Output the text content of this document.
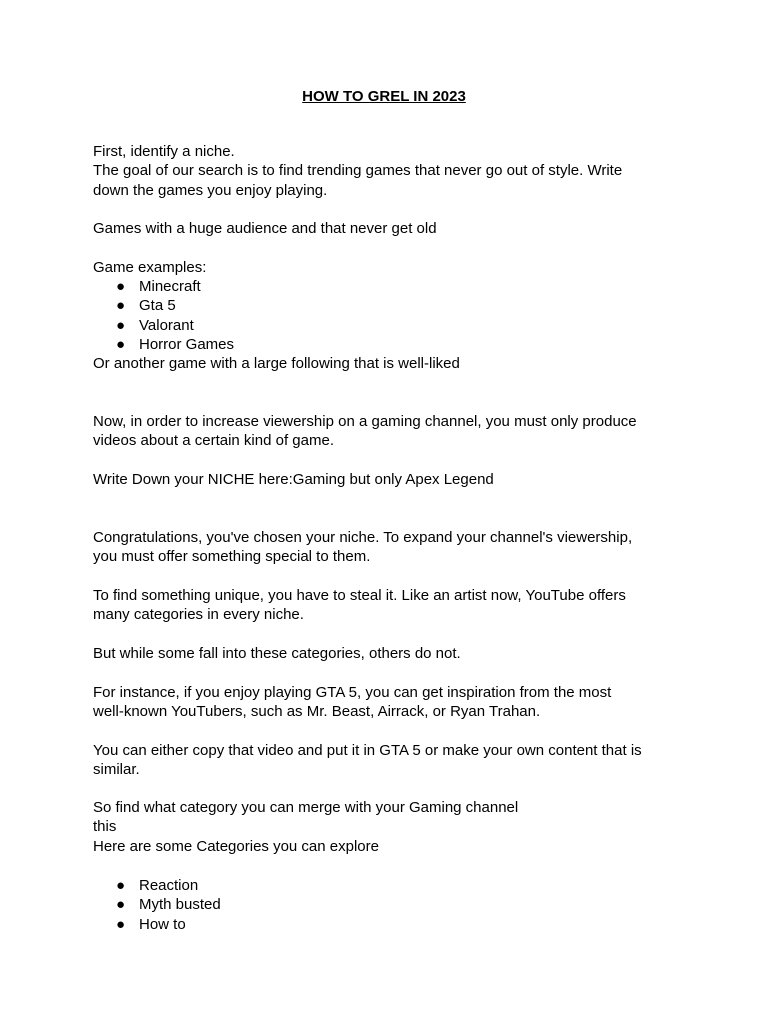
HOW TO GREL IN 2023

First, identify a niche.

The goal of our search is to find trending games that never go out of style. Write

down the games you enjoy playing.

Games with a huge audience and that never get old

Game examples:

● Minecraft
● Gta 5
● Valorant
● Horror Games

Or another game with a large following that is well-liked

Now, in order to increase viewership on a gaming channel, you must only produce

videos about a certain kind of game.

Write Down your NICHE here:Gaming but only Apex Legend

Congratulations, you've chosen your niche. To expand your channel's viewership,

you must offer something special to them.

To find something unique, you have to steal it. Like an artist now, YouTube offers

many categories in every niche.

But while some fall into these categories, others do not.

For instance, if you enjoy playing GTA 5, you can get inspiration from the most

well-known YouTubers, such as Mr. Beast, Airrack, or Ryan Trahan.

You can either copy that video and put it in GTA 5 or make your own content that is

similar.

So find what category you can merge with your Gaming channel

this

Here are some Categories you can explore

● Reaction
● Myth busted
● How to
